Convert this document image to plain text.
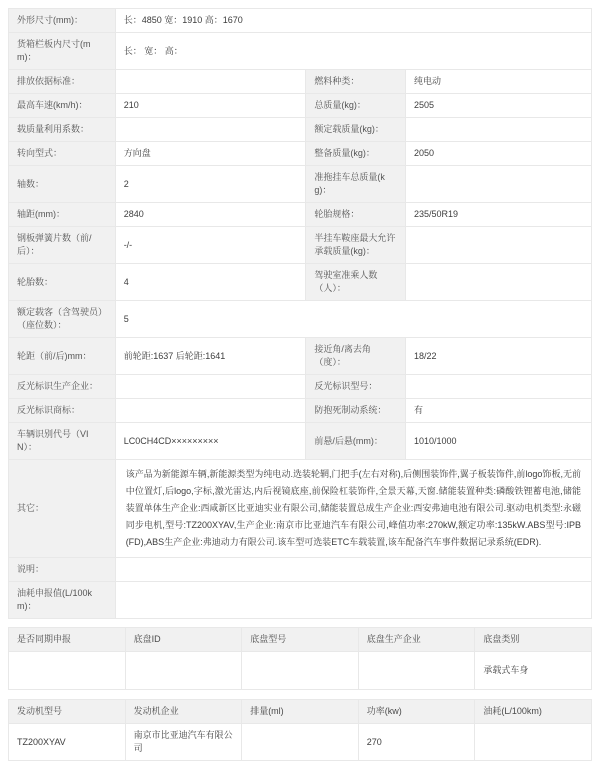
外形尺寸(mm)：	长：4850 宽：1910 高：1670		
货箱栏板内尺寸(mm)：	长： 宽： 高：		
排放依据标准：		燃料种类：	纯电动
最高车速(km/h)：	210	总质量(kg)：	2505
载质量利用系数：		额定载质量(kg)：	
转向型式：	方向盘	整备质量(kg)：	2050
轴数：	2	准拖挂车总质量(kg)：	
轴距(mm)：	2840	轮胎规格：	235/50R19
钢板弹簧片数（前/后）：	-/-	半挂车鞍座最大允许承载质量(kg)：	
轮胎数：	4	驾驶室准乘人数（人）：	
额定载客（含驾驶员）（座位数）：	5		
轮距（前/后)mm：	前轮距:1637 后轮距:1641	接近角/离去角（度）：	18/22
反光标识生产企业：		反光标识型号：	
反光标识商标：		防抱死制动系统：	有
车辆识别代号（VIN）：	LC0CH4CD×××××××××	前悬/后悬(mm)：	1010/1000
其它：	该产品为新能源车辆,新能源类型为纯电动.选装轮辋,门把手(左右对称),后侧围装饰件,翼子板装饰件,前logo饰板,无前中位置灯,后logo,字标,激光雷达,内后视镜底座,前保险杠装饰件,全景天幕,天窗.储能装置种类:磷酸铁锂蓄电池,储能装置单体生产企业:西咸新区比亚迪实业有限公司,储能装置总成生产企业:西安弗迪电池有限公司.驱动电机类型:永磁同步电机,型号:TZ200XYAV,生产企业:南京市比亚迪汽车有限公司,峰值功率:270kW,额定功率:135kW.ABS型号:IPB(FD),ABS生产企业:弗迪动力有限公司.该车型可选装ETC车载装置,该车配备汽车事件数据记录系统(EDR).		
说明：			
油耗申报值(L/100km)：			
是否同期申报	底盘ID	底盘型号	底盘生产企业	底盘类别
				承载式车身
发动机型号	发动机企业	排量(ml)	功率(kw)	油耗(L/100km)
TZ200XYAV	南京市比亚迪汽车有限公司		270	
